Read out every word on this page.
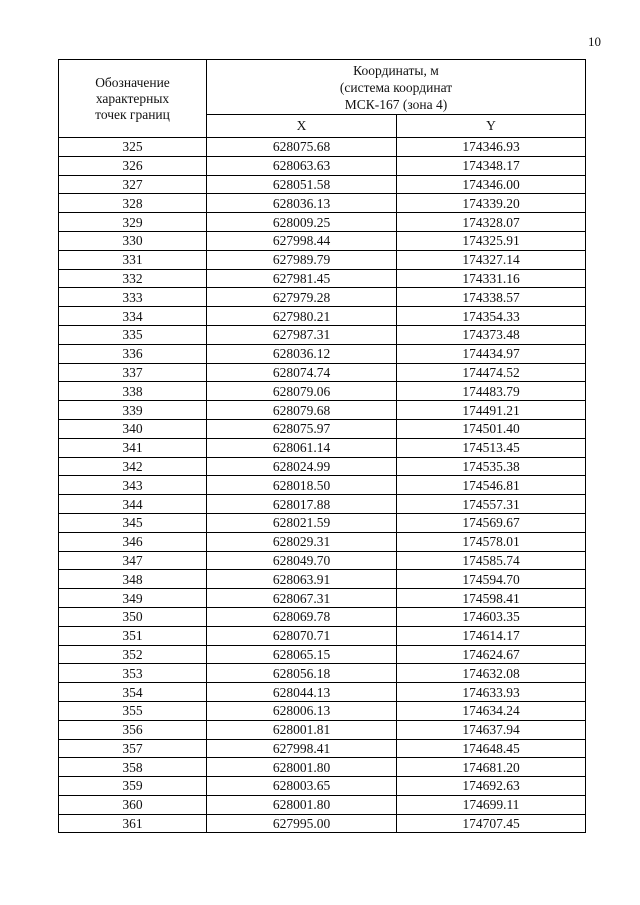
10
Обозначение
характерных
точек границ	Координаты, м
(система координат
МСК-167 (зона 4)	
	X	Y
325	628075.68	174346.93
326	628063.63	174348.17
327	628051.58	174346.00
328	628036.13	174339.20
329	628009.25	174328.07
330	627998.44	174325.91
331	627989.79	174327.14
332	627981.45	174331.16
333	627979.28	174338.57
334	627980.21	174354.33
335	627987.31	174373.48
336	628036.12	174434.97
337	628074.74	174474.52
338	628079.06	174483.79
339	628079.68	174491.21
340	628075.97	174501.40
341	628061.14	174513.45
342	628024.99	174535.38
343	628018.50	174546.81
344	628017.88	174557.31
345	628021.59	174569.67
346	628029.31	174578.01
347	628049.70	174585.74
348	628063.91	174594.70
349	628067.31	174598.41
350	628069.78	174603.35
351	628070.71	174614.17
352	628065.15	174624.67
353	628056.18	174632.08
354	628044.13	174633.93
355	628006.13	174634.24
356	628001.81	174637.94
357	627998.41	174648.45
358	628001.80	174681.20
359	628003.65	174692.63
360	628001.80	174699.11
361	627995.00	174707.45
